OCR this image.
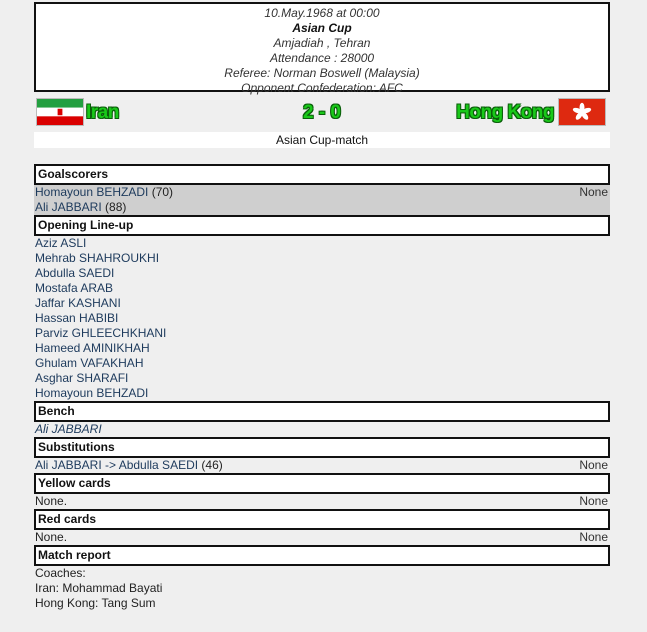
10.May.1968 at 00:00
Asian Cup
Amjadiah , Tehran
Attendance : 28000
Referee: Norman Boswell (Malaysia)
Opponent Confederation: AFC
Iran	2 - 0	Hong Kong
Asian Cup-match
Goalscorers
Homayoun BEHZADI (70)	None
Ali JABBARI (88)
Opening Line-up
Aziz ASLI
Mehrab SHAHROUKHI
Abdulla SAEDI
Mostafa ARAB
Jaffar KASHANI
Hassan HABIBI
Parviz GHLEECHKHANI
Hameed AMINIKHAH
Ghulam VAFAKHAH
Asghar SHARAFI
Homayoun BEHZADI
Bench
Ali JABBARI
Substitutions
Ali JABBARI -> Abdulla SAEDI (46)	None
Yellow cards
None.	None
Red cards
None.	None
Match report
Coaches:
Iran: Mohammad Bayati
Hong Kong: Tang Sum
